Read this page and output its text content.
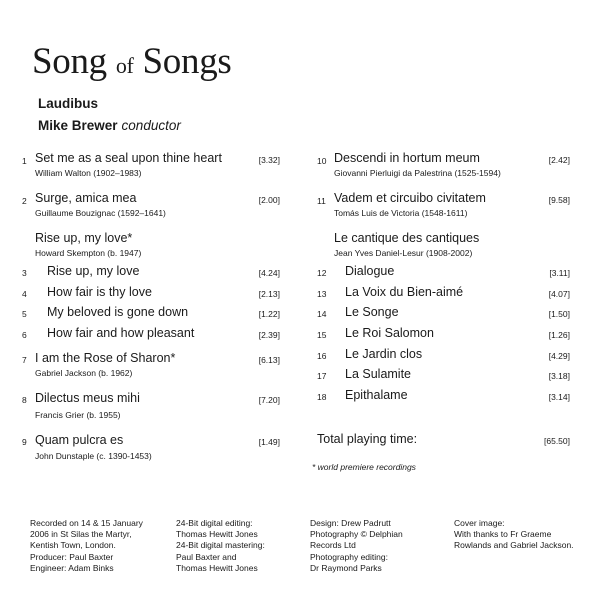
Song of Songs
Laudibus
Mike Brewer conductor
1 Set me as a seal upon thine heart	[3.32]
William Walton (1902–1983)
2 Surge, amica mea	[2.00]
Guillaume Bouzignac (1592–1641)
Rise up, my love*
Howard Skempton (b. 1947)
3	Rise up, my love	[4.24]
4	How fair is thy love	[2.13]
5	My beloved is gone down	[1.22]
6	How fair and how pleasant	[2.39]
7 I am the Rose of Sharon*	[6.13]
Gabriel Jackson (b. 1962)
8 Dilectus meus mihi	[7.20]
Francis Grier (b. 1955)
9 Quam pulcra es	[1.49]
John Dunstaple (c. 1390-1453)
10 Descendi in hortum meum	[2.42]
Giovanni Pierluigi da Palestrina (1525-1594)
11 Vadem et circuibo civitatem	[9.58]
Tomás Luis de Victoria (1548-1611)
Le cantique des cantiques
Jean Yves Daniel-Lesur (1908-2002)
12	Dialogue	[3.11]
13	La Voix du Bien-aimé	[4.07]
14	Le Songe	[1.50]
15	Le Roi Salomon	[1.26]
16	Le Jardin clos	[4.29]
17	La Sulamite	[3.18]
18	Epithalame	[3.14]
Total playing time:	[65.50]
* world premiere recordings
Recorded on 14 & 15 January
2006 in St Silas the Martyr,
Kentish Town, London.
Producer: Paul Baxter
Engineer: Adam Binks
24-Bit digital editing:
Thomas Hewitt Jones
24-Bit digital mastering:
Paul Baxter and
Thomas Hewitt Jones
Design: Drew Padrutt
Photography © Delphian
Records Ltd
Photography editing:
Dr Raymond Parks
Cover image:
With thanks to Fr Graeme
Rowlands and Gabriel Jackson.
